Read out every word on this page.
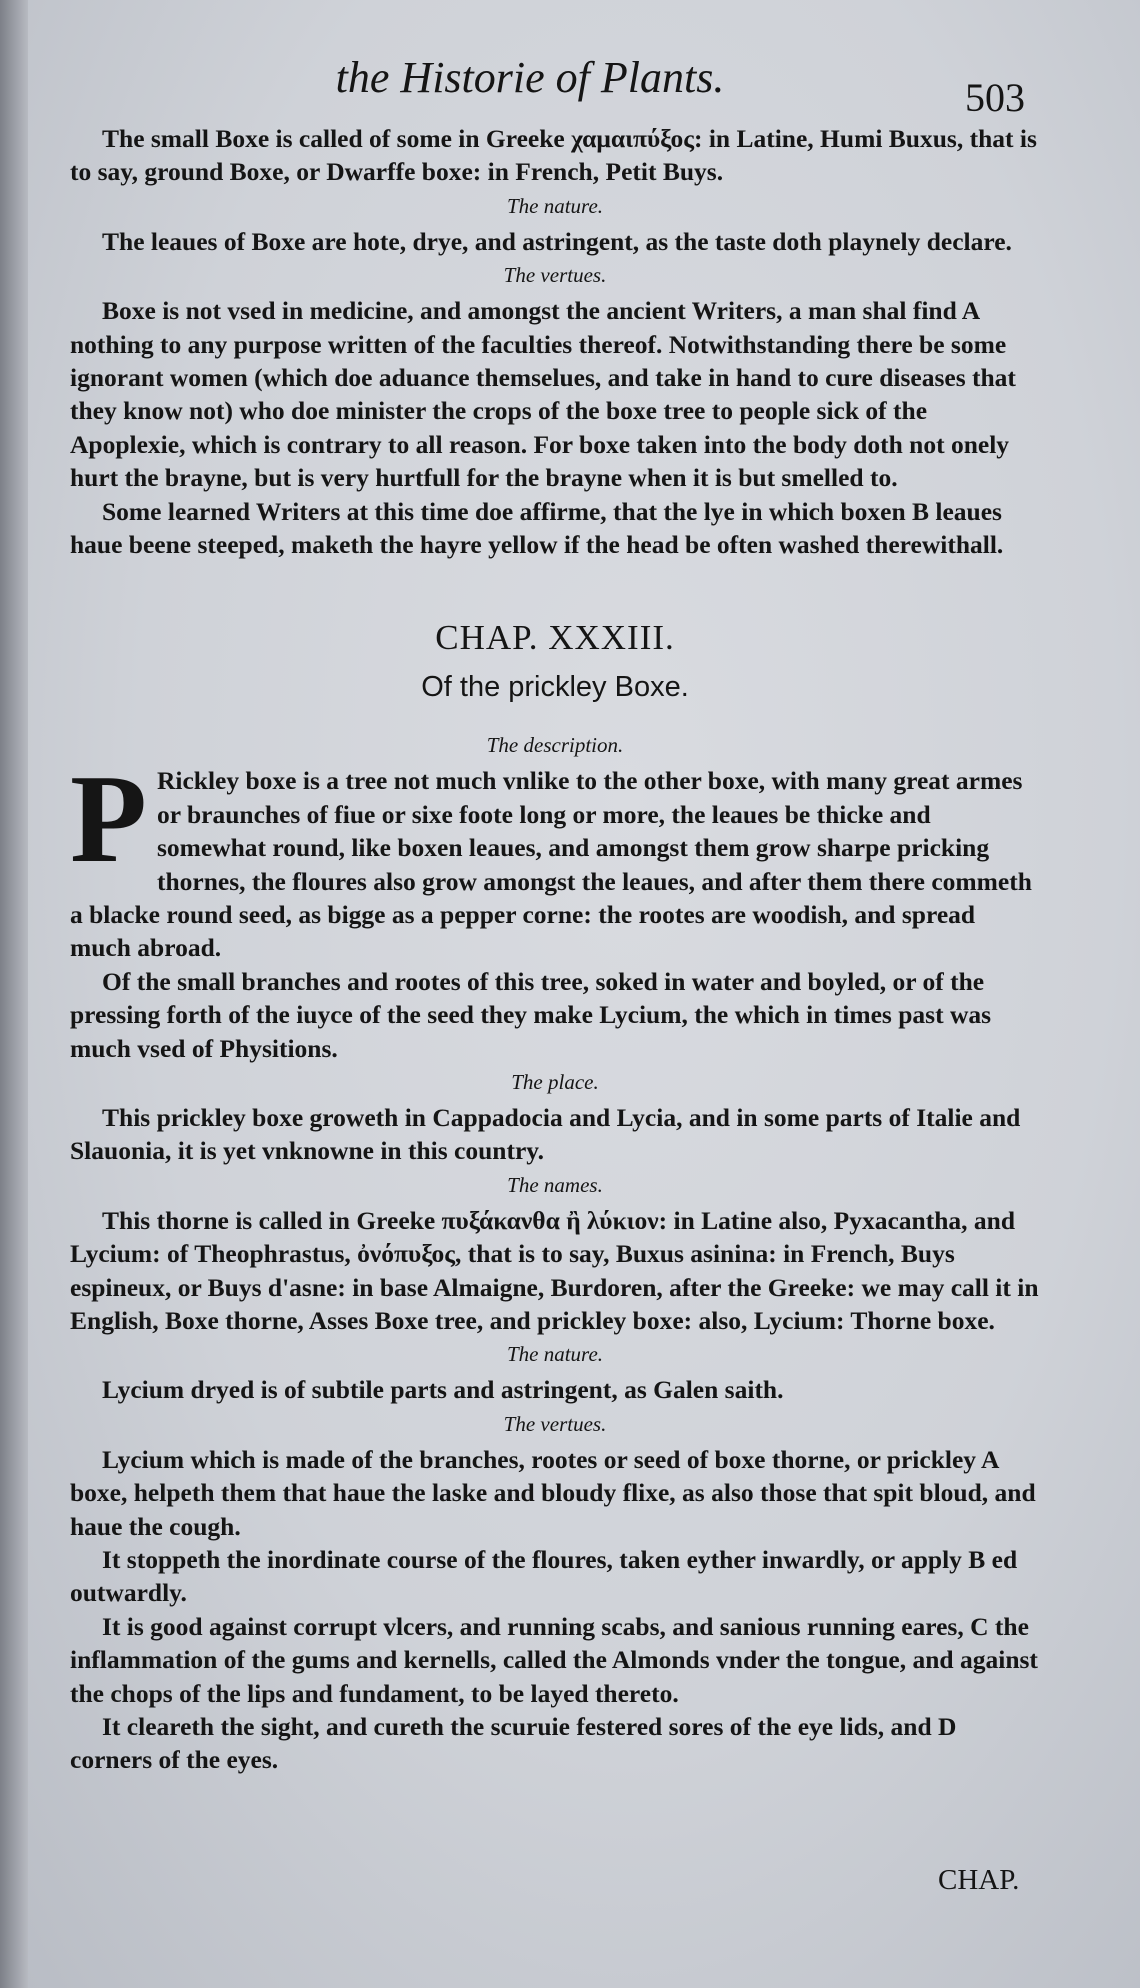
the Historie of Plants.	503

The small Boxe is called of some in Greeke χαμαιπύξος: in Latine, Humi Buxus, that is to say, ground Boxe, or Dwarffe boxe: in French, Petit Buys.

The nature.

The leaues of Boxe are hote, drye, and astringent, as the taste doth playnely declare.

The vertues.

Boxe is not vsed in medicine, and amongst the ancient Writers, a man shal find A nothing to any purpose written of the faculties thereof. Notwithstanding there be some ignorant women (which doe aduance themselues, and take in hand to cure diseases that they know not) who doe minister the crops of the boxe tree to people sick of the Apoplexie, which is contrary to all reason. For boxe taken into the body doth not onely hurt the brayne, but is very hurtfull for the brayne when it is but smelled to.

Some learned Writers at this time doe affirme, that the lye in which boxen B leaues haue beene steeped, maketh the hayre yellow if the head be often washed therewithall.

CHAP. XXXIII.

Of the prickley Boxe.

The description.

P Rickley boxe is a tree not much vnlike to the other boxe, with many great armes or braunches of fiue or sixe foote long or more, the leaues be thicke and somewhat round, like boxen leaues, and amongst them grow sharpe pricking thornes, the floures also grow amongst the leaues, and after them there commeth a blacke round seed, as bigge as a pepper corne: the rootes are woodish, and spread much abroad.

Of the small branches and rootes of this tree, soked in water and boyled, or of the pressing forth of the iuyce of the seed they make Lycium, the which in times past was much vsed of Physitions.

The place.

This prickley boxe groweth in Cappadocia and Lycia, and in some parts of Italie and Slauonia, it is yet vnknowne in this country.

The names.

This thorne is called in Greeke πυξάκανθα ἢ λύκιον: in Latine also, Pyxacantha, and Lycium: of Theophrastus, ὀνόπυξος, that is to say, Buxus asinina: in French, Buys espineux, or Buys d'asne: in base Almaigne, Burdoren, after the Greeke: we may call it in English, Boxe thorne, Asses Boxe tree, and prickley boxe: also, Lycium: Thorne boxe.

The nature.

Lycium dryed is of subtile parts and astringent, as Galen saith.

The vertues.

Lycium which is made of the branches, rootes or seed of boxe thorne, or prickley A boxe, helpeth them that haue the laske and bloudy flixe, as also those that spit bloud, and haue the cough.

It stoppeth the inordinate course of the floures, taken eyther inwardly, or apply B ed outwardly.

It is good against corrupt vlcers, and running scabs, and sanious running eares, C the inflammation of the gums and kernells, called the Almonds vnder the tongue, and against the chops of the lips and fundament, to be layed thereto.

It cleareth the sight, and cureth the scuruie festered sores of the eye lids, and D corners of the eyes.

CHAP.
